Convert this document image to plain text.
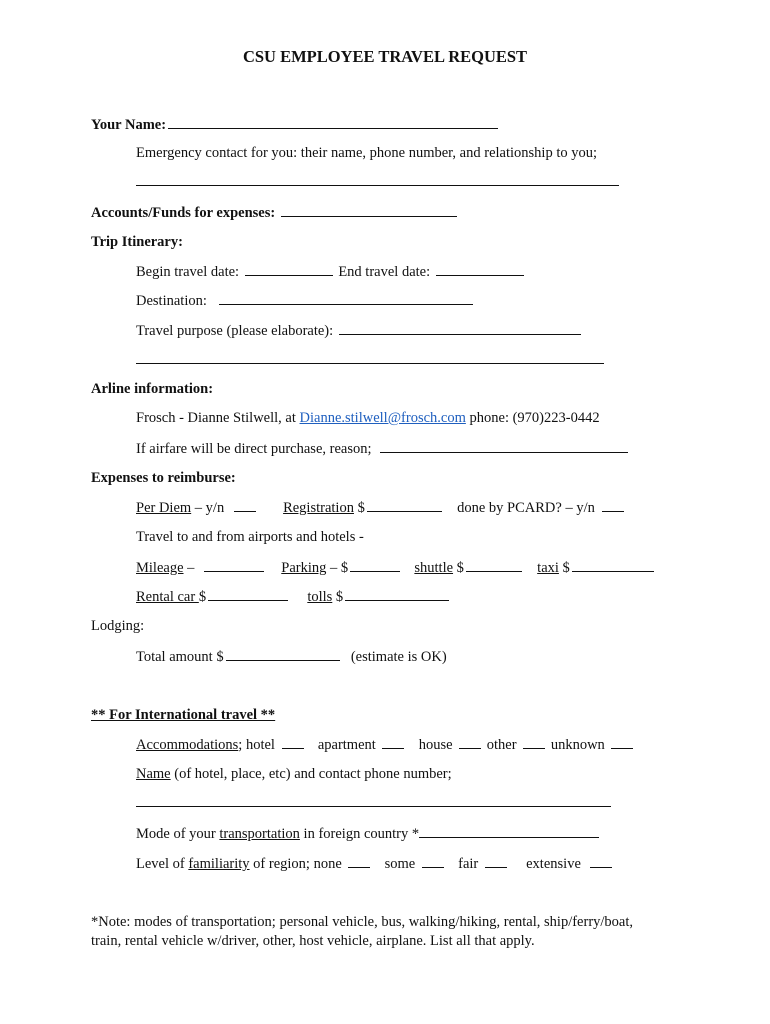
CSU EMPLOYEE TRAVEL REQUEST
Your Name:
Emergency contact for you: their name, phone number, and relationship to you;
Accounts/Funds for expenses:
Trip Itinerary:
Begin travel date:	End travel date:
Destination:
Travel purpose (please elaborate):
Arline information:
Frosch - Dianne Stilwell, at Dianne.stilwell@frosch.com phone: (970)223-0442
If airfare will be direct purchase, reason;
Expenses to reimburse:
Per Diem – y/n	Registration $	done by PCARD? – y/n
Travel to and from airports and hotels -
Mileage –	Parking – $	shuttle $	taxi $
Rental car $	tolls $
Lodging:
Total amount $	(estimate is OK)
** For International travel **
Accommodations; hotel	apartment	house other unknown
Name (of hotel, place, etc) and contact phone number;
Mode of your transportation in foreign country *
Level of familiarity of region; none	some	fair	extensive
*Note: modes of transportation; personal vehicle, bus, walking/hiking, rental, ship/ferry/boat,
train, rental vehicle w/driver, other, host vehicle, airplane. List all that apply.
